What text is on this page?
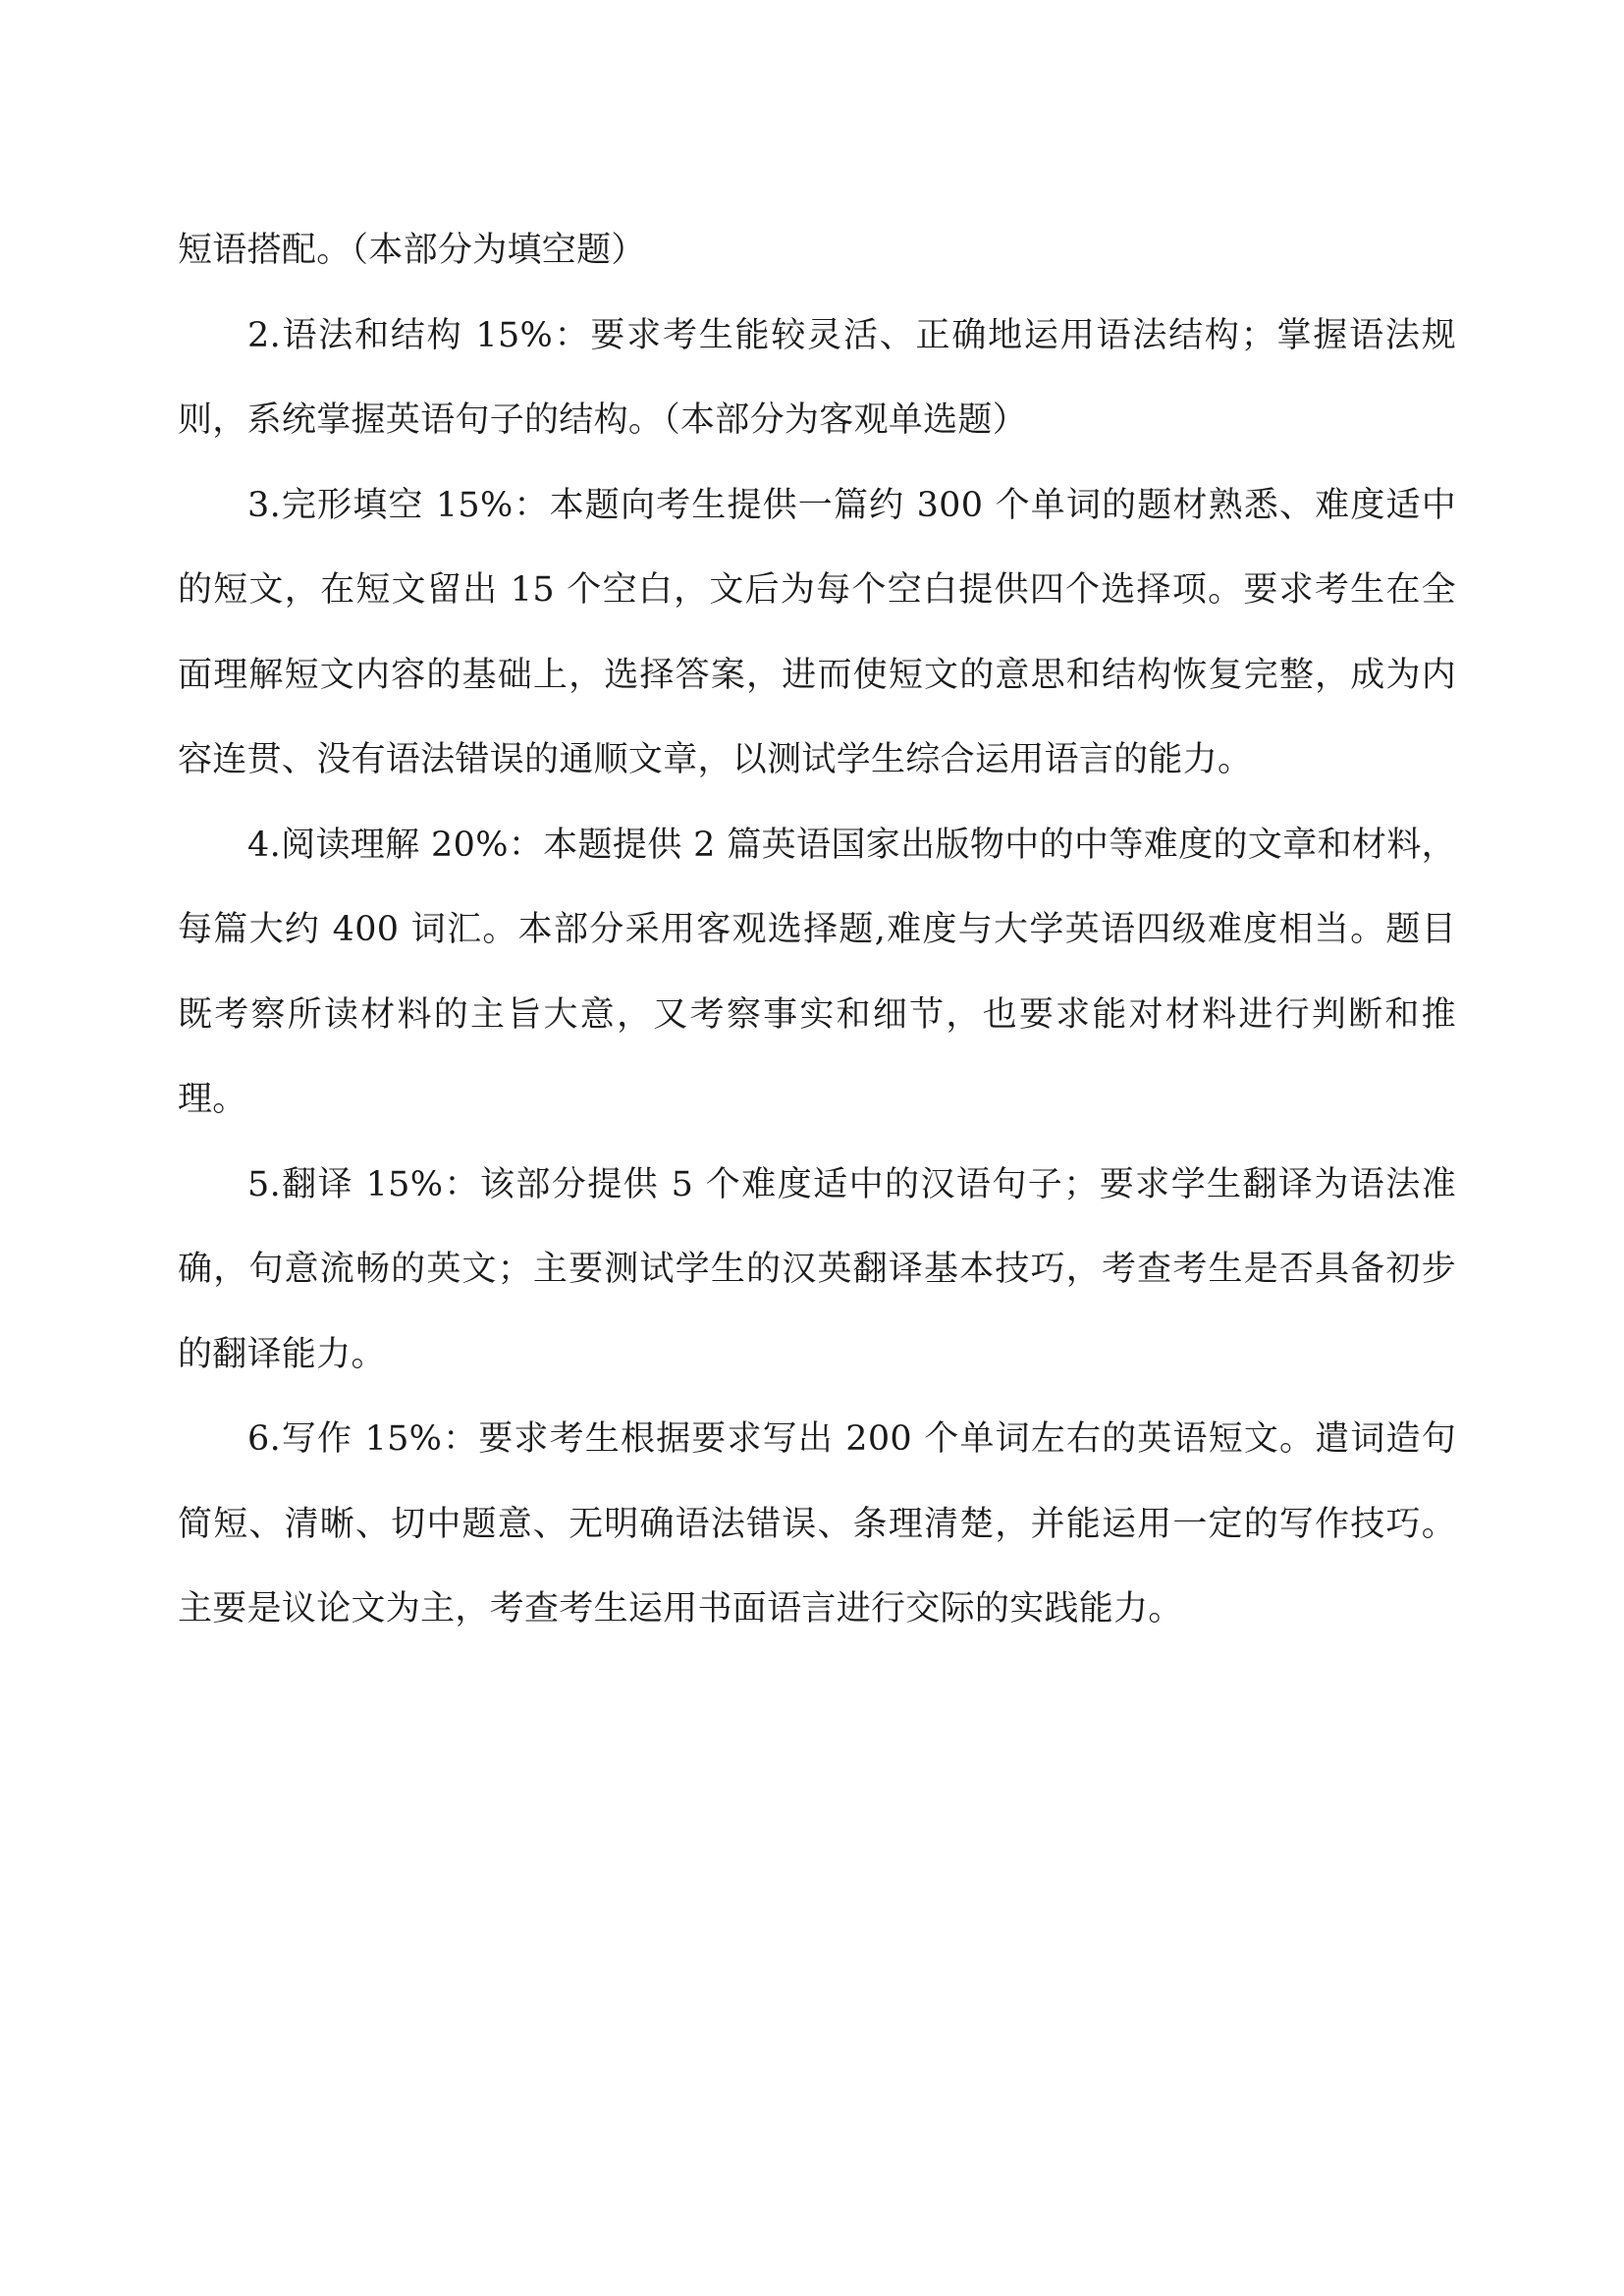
短语搭配。（本部分为填空题）

2.语法和结构 15%：要求考生能较灵活、正确地运用语法结构；掌握语法规则，系统掌握英语句子的结构。（本部分为客观单选题）

3.完形填空 15%：本题向考生提供一篇约 300 个单词的题材熟悉、难度适中的短文，在短文留出 15 个空白，文后为每个空白提供四个选择项。要求考生在全面理解短文内容的基础上，选择答案，进而使短文的意思和结构恢复完整，成为内容连贯、没有语法错误的通顺文章，以测试学生综合运用语言的能力。

4.阅读理解 20%：本题提供 2 篇英语国家出版物中的中等难度的文章和材料，每篇大约 400 词汇。本部分采用客观选择题,难度与大学英语四级难度相当。题目既考察所读材料的主旨大意，又考察事实和细节，也要求能对材料进行判断和推理。

5.翻译 15%：该部分提供 5 个难度适中的汉语句子；要求学生翻译为语法准确，句意流畅的英文；主要测试学生的汉英翻译基本技巧，考查考生是否具备初步的翻译能力。

6.写作 15%：要求考生根据要求写出 200 个单词左右的英语短文。遣词造句简短、清晰、切中题意、无明确语法错误、条理清楚，并能运用一定的写作技巧。主要是议论文为主，考查考生运用书面语言进行交际的实践能力。
